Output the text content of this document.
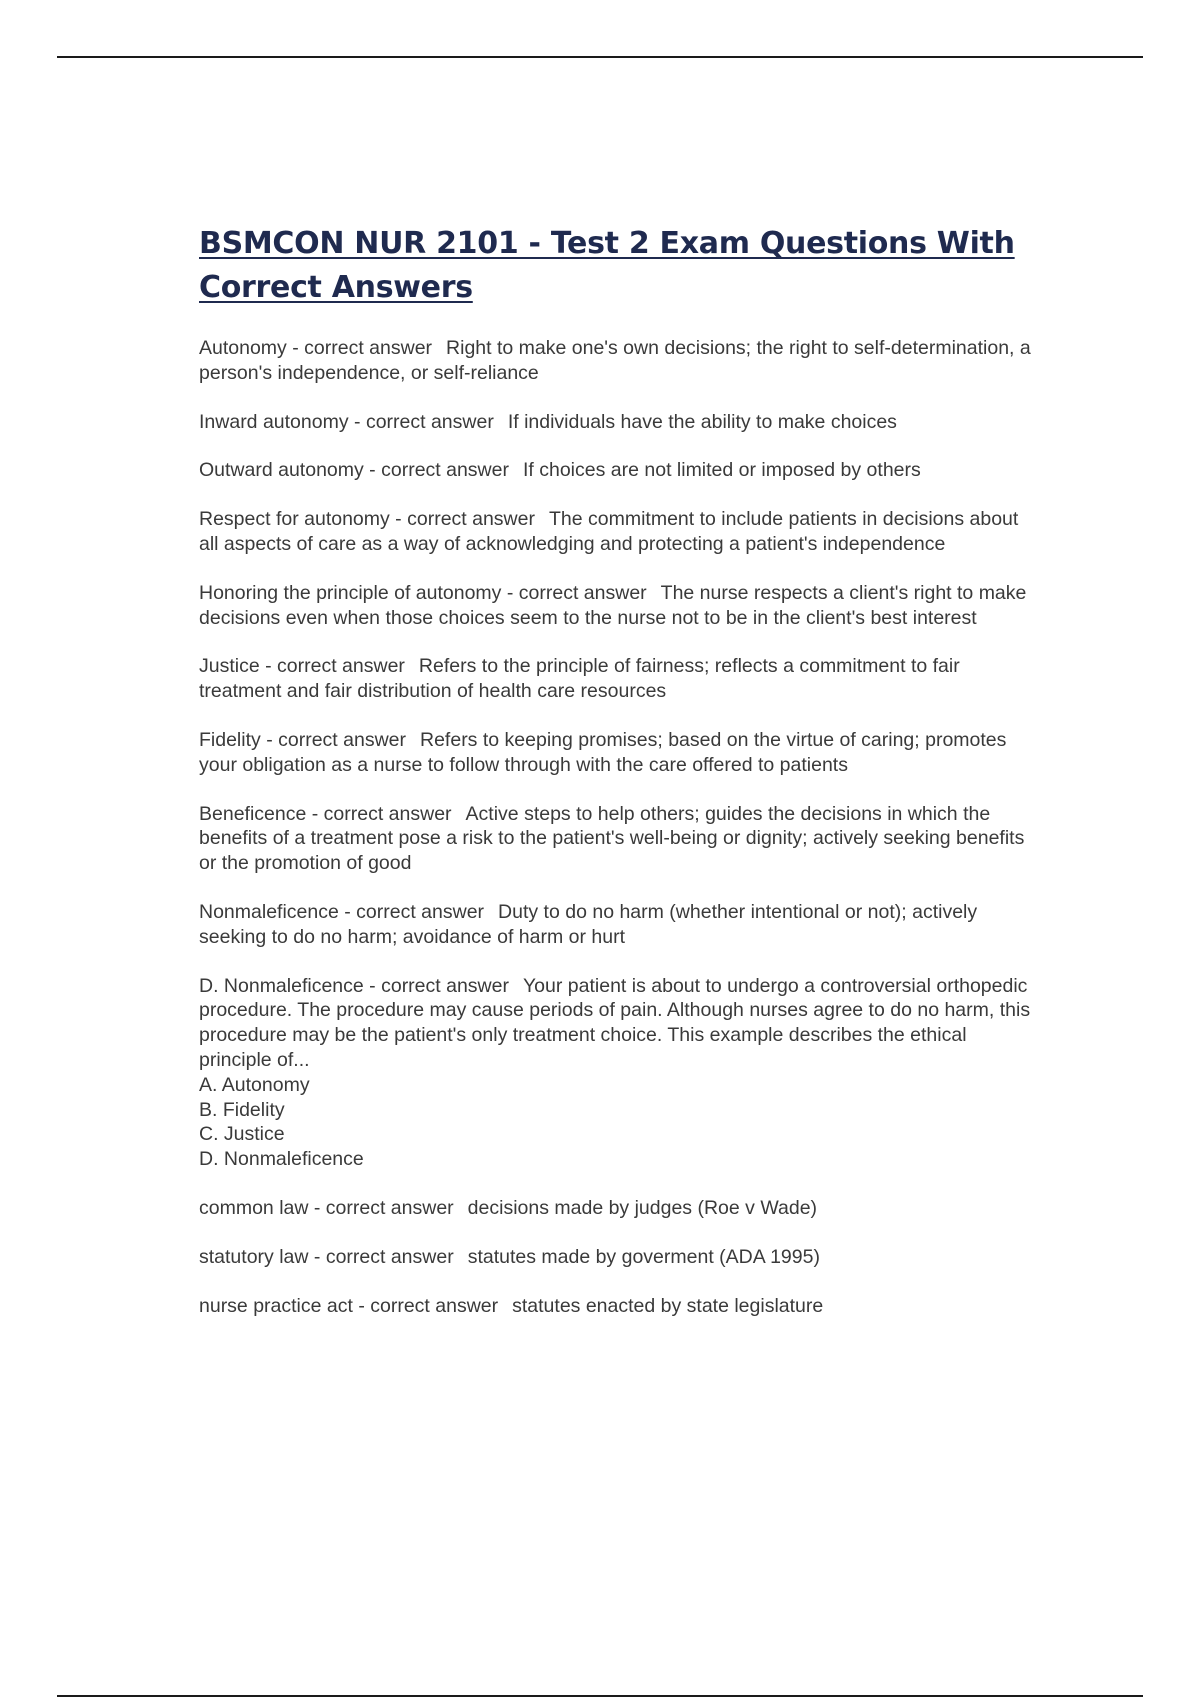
BSMCON NUR 2101 - Test 2 Exam Questions With Correct Answers
Autonomy - correct answer Right to make one's own decisions; the right to self-determination, a person's independence, or self-reliance
Inward autonomy - correct answer If individuals have the ability to make choices
Outward autonomy - correct answer If choices are not limited or imposed by others
Respect for autonomy - correct answer The commitment to include patients in decisions about all aspects of care as a way of acknowledging and protecting a patient's independence
Honoring the principle of autonomy - correct answer The nurse respects a client's right to make decisions even when those choices seem to the nurse not to be in the client's best interest
Justice - correct answer Refers to the principle of fairness; reflects a commitment to fair treatment and fair distribution of health care resources
Fidelity - correct answer Refers to keeping promises; based on the virtue of caring; promotes your obligation as a nurse to follow through with the care offered to patients
Beneficence - correct answer Active steps to help others; guides the decisions in which the benefits of a treatment pose a risk to the patient's well-being or dignity; actively seeking benefits or the promotion of good
Nonmaleficence - correct answer Duty to do no harm (whether intentional or not); actively seeking to do no harm; avoidance of harm or hurt
D. Nonmaleficence - correct answer Your patient is about to undergo a controversial orthopedic procedure. The procedure may cause periods of pain. Although nurses agree to do no harm, this procedure may be the patient's only treatment choice. This example describes the ethical principle of...
A. Autonomy
B. Fidelity
C. Justice
D. Nonmaleficence
common law - correct answer decisions made by judges (Roe v Wade)
statutory law - correct answer statutes made by goverment (ADA 1995)
nurse practice act - correct answer statutes enacted by state legislature
